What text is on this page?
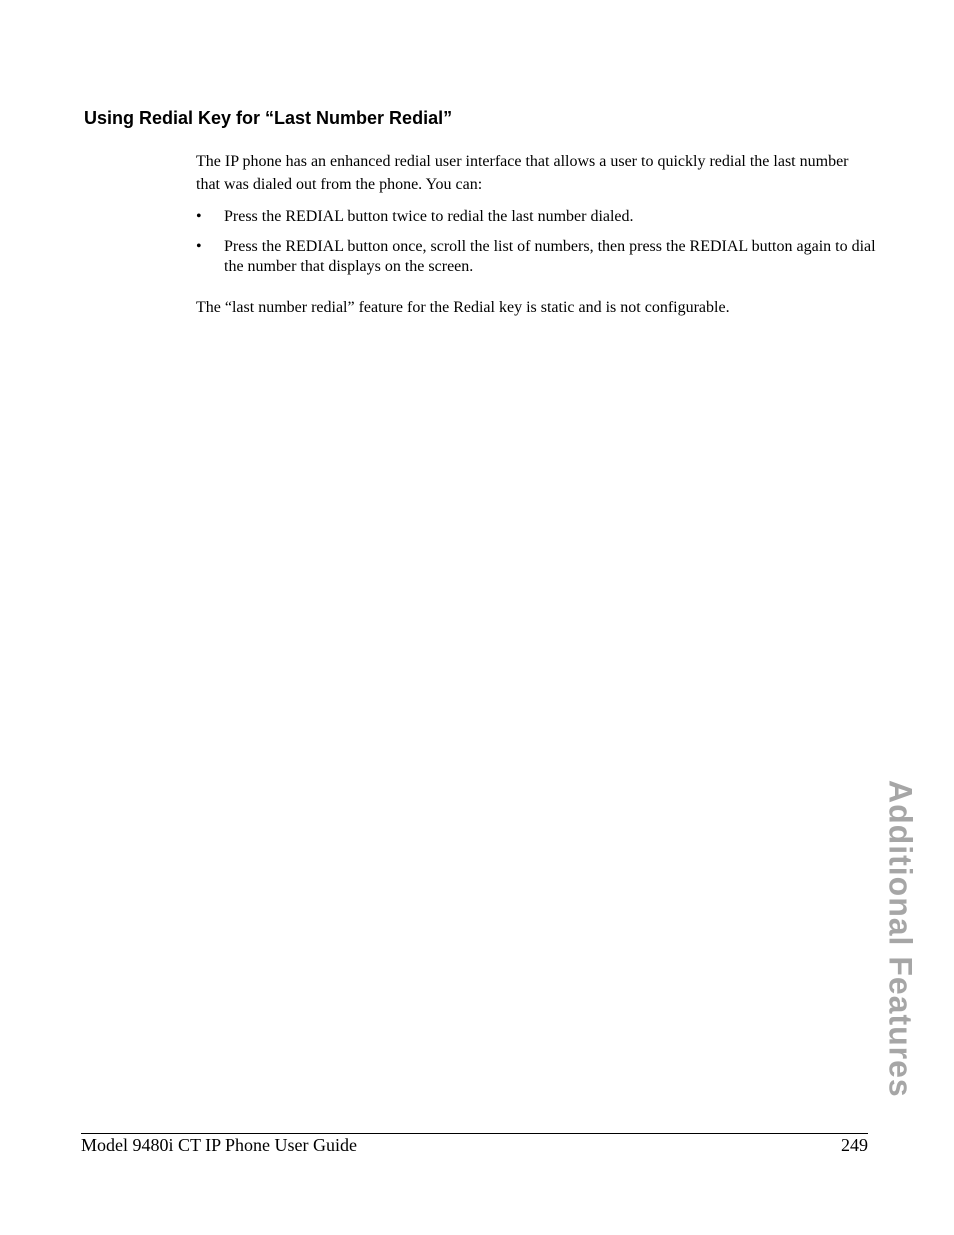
Using Redial Key for “Last Number Redial”

The IP phone has an enhanced redial user interface that allows a user to quickly redial the last number that was dialed out from the phone. You can:

• Press the REDIAL button twice to redial the last number dialed.
• Press the REDIAL button once, scroll the list of numbers, then press the REDIAL button again to dial the number that displays on the screen.

The “last number redial” feature for the Redial key is static and is not configurable.

Additional Features
Model 9480i CT IP Phone User Guide	249
